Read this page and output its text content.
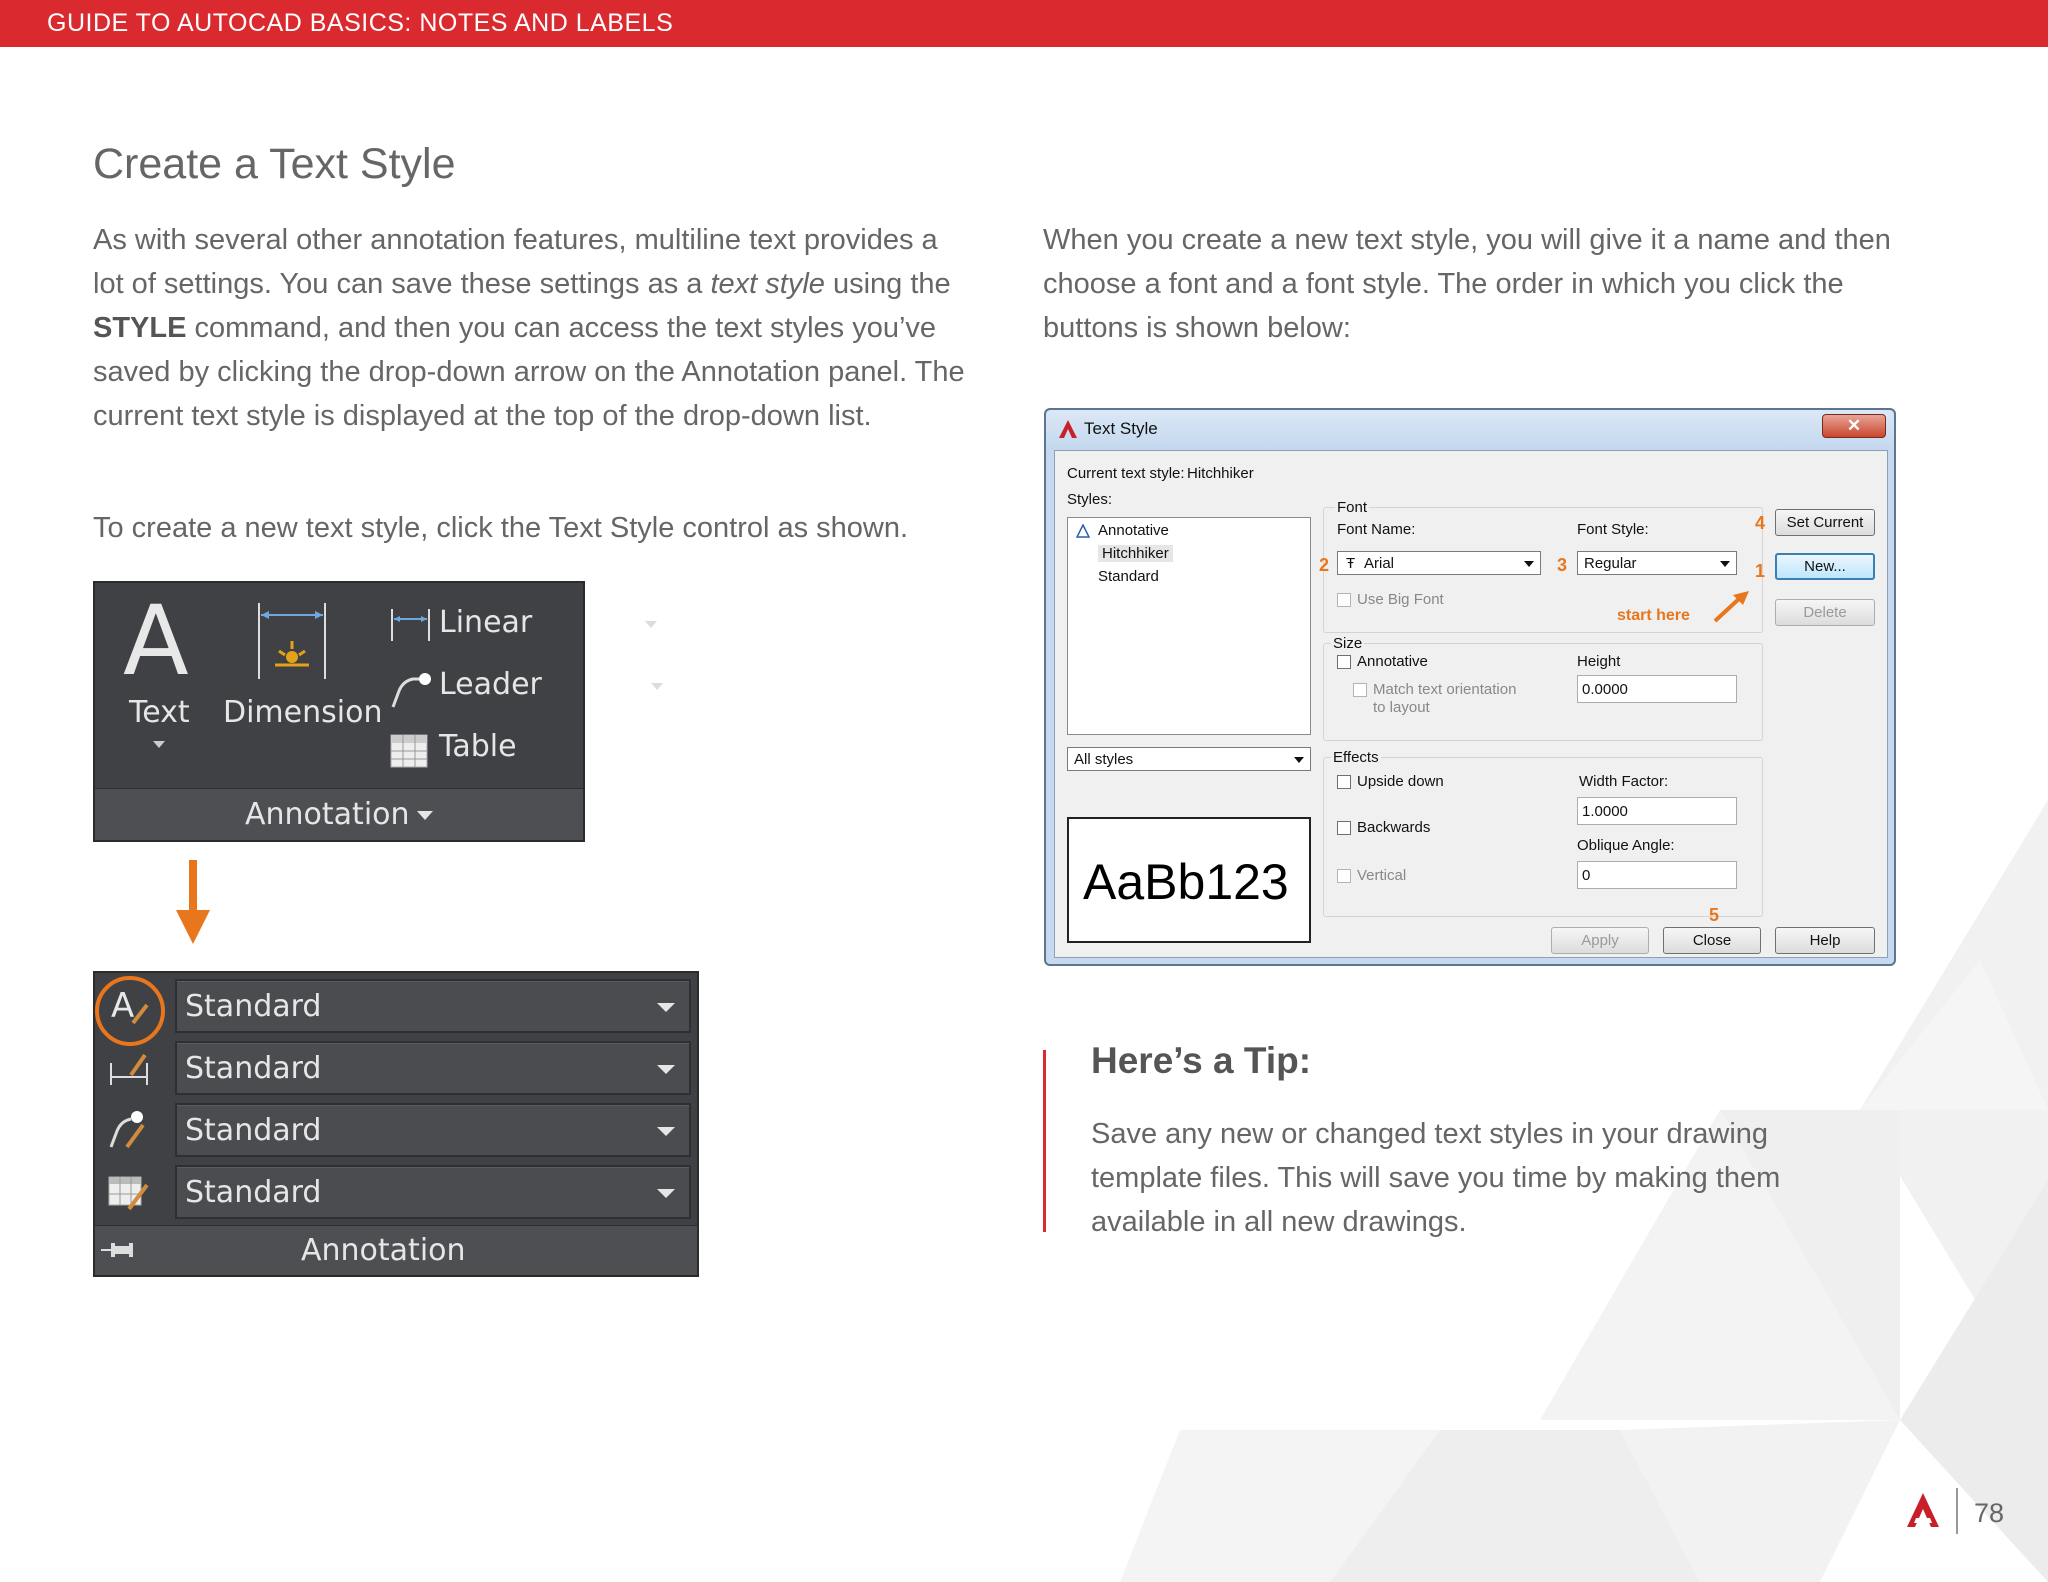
GUIDE TO AUTOCAD BASICS: NOTES AND LABELS
Create a Text Style

As with several other annotation features, multiline text provides a lot of settings. You can save these settings as a text style using the STYLE command, and then you can access the text styles you’ve saved by clicking the drop-down arrow on the Annotation panel. The current text style is displayed at the top of the drop-down list.

To create a new text style, click the Text Style control as shown.

When you create a new text style, you will give it a name and then choose a font and a font style. The order in which you click the buttons is shown below:

A
Text Dimension
Linear
Leader
Table
Annotation
A Standard
Standard
Standard
Standard
Annotation
Text Style	✕
Current text style: Hitchhiker
Styles:
Annotative
Hitchhiker
Standard
All styles
AaBb123
Font
Font Name:
2 Ŧ Arial
Font Style:
3 Regular
Use Big Font
start here
Size
Annotative
Match text orientation
to layout
Height
0.0000
Effects
Upside down
Backwards
Vertical
Width Factor:
1.0000
Oblique Angle:
0
4	Set Current
1	New...
Delete
Apply
5
Close	Help
Here’s a Tip:

Save any new or changed text styles in your drawing template files. This will save you time by making them available in all new drawings.

78
